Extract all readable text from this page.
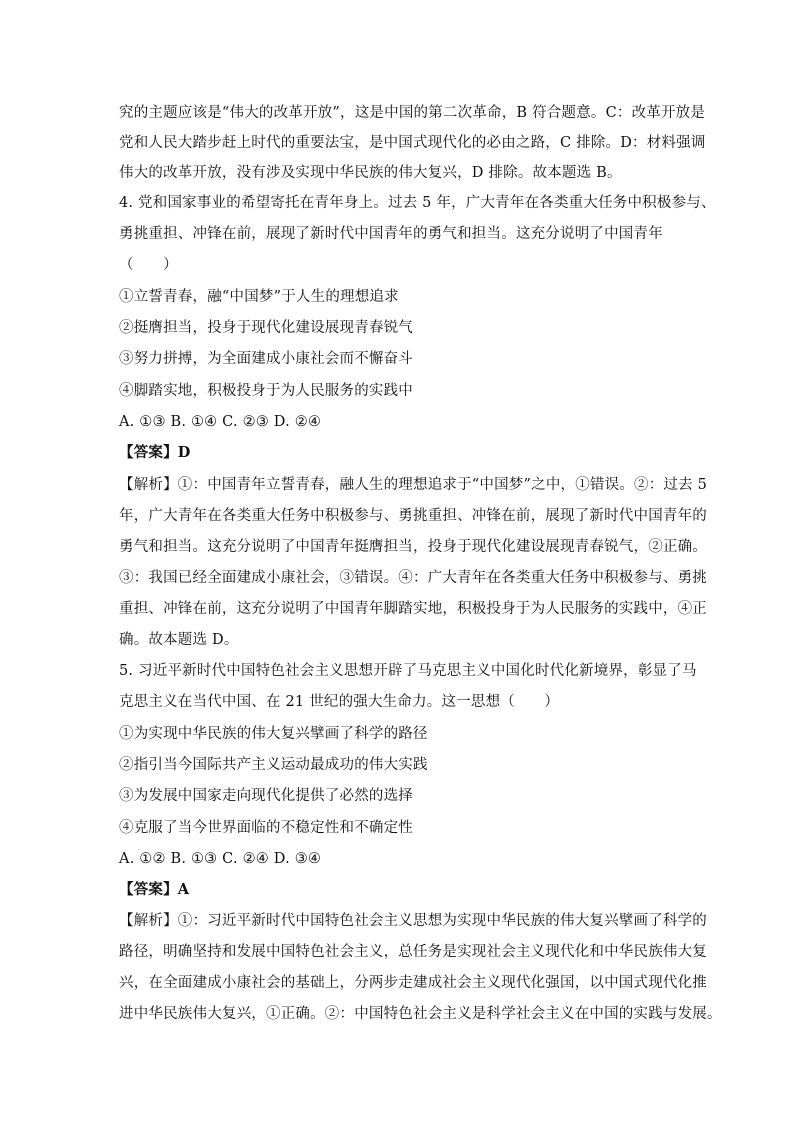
究的主题应该是“伟大的改革开放”，这是中国的第二次革命，B 符合题意。C：改革开放是
党和人民大踏步赶上时代的重要法宝，是中国式现代化的必由之路，C 排除。D：材料强调
伟大的改革开放，没有涉及实现中华民族的伟大复兴，D 排除。故本题选 B。
4. 党和国家事业的希望寄托在青年身上。过去 5 年，广大青年在各类重大任务中积极参与、
勇挑重担、冲锋在前，展现了新时代中国青年的勇气和担当。这充分说明了中国青年
（　　）
①立誓青春，融“中国梦”于人生的理想追求
②挺膺担当，投身于现代化建设展现青春锐气
③努力拼搏，为全面建成小康社会而不懈奋斗
④脚踏实地，积极投身于为人民服务的实践中
A. ①③ B. ①④ C. ②③ D. ②④
【答案】D
【解析】①：中国青年立誓青春，融人生的理想追求于“中国梦”之中，①错误。②：过去 5
年，广大青年在各类重大任务中积极参与、勇挑重担、冲锋在前，展现了新时代中国青年的
勇气和担当。这充分说明了中国青年挺膺担当，投身于现代化建设展现青春锐气，②正确。
③：我国已经全面建成小康社会，③错误。④：广大青年在各类重大任务中积极参与、勇挑
重担、冲锋在前，这充分说明了中国青年脚踏实地，积极投身于为人民服务的实践中，④正
确。故本题选 D。
5. 习近平新时代中国特色社会主义思想开辟了马克思主义中国化时代化新境界，彰显了马
克思主义在当代中国、在 21 世纪的强大生命力。这一思想（　　）
①为实现中华民族的伟大复兴擘画了科学的路径
②指引当今国际共产主义运动最成功的伟大实践
③为发展中国家走向现代化提供了必然的选择
④克服了当今世界面临的不稳定性和不确定性
A. ①② B. ①③ C. ②④ D. ③④
【答案】A
【解析】①：习近平新时代中国特色社会主义思想为实现中华民族的伟大复兴擘画了科学的
路径，明确坚持和发展中国特色社会主义，总任务是实现社会主义现代化和中华民族伟大复
兴，在全面建成小康社会的基础上，分两步走建成社会主义现代化强国，以中国式现代化推
进中华民族伟大复兴，①正确。②：中国特色社会主义是科学社会主义在中国的实践与发展。
